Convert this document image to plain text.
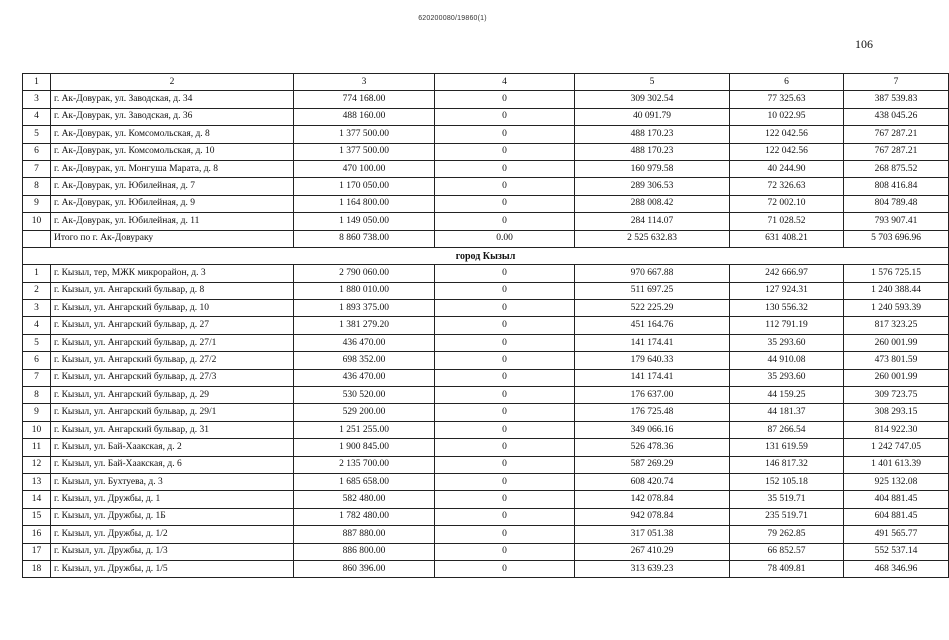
620200080/19860(1)
106
1	2	3	4	5	6	7
3	г. Ак-Довурак, ул. Заводская, д. 34	774 168.00	0	309 302.54	77 325.63	387 539.83
4	г. Ак-Довурак, ул. Заводская, д. 36	488 160.00	0	40 091.79	10 022.95	438 045.26
5	г. Ак-Довурак, ул. Комсомольская, д. 8	1 377 500.00	0	488 170.23	122 042.56	767 287.21
6	г. Ак-Довурак, ул. Комсомольская, д. 10	1 377 500.00	0	488 170.23	122 042.56	767 287.21
7	г. Ак-Довурак, ул. Монгуша Марата, д. 8	470 100.00	0	160 979.58	40 244.90	268 875.52
8	г. Ак-Довурак, ул. Юбилейная, д. 7	1 170 050.00	0	289 306.53	72 326.63	808 416.84
9	г. Ак-Довурак, ул. Юбилейная, д. 9	1 164 800.00	0	288 008.42	72 002.10	804 789.48
10	г. Ак-Довурак, ул. Юбилейная, д. 11	1 149 050.00	0	284 114.07	71 028.52	793 907.41
	Итого по г. Ак-Довураку	8 860 738.00	0.00	2 525 632.83	631 408.21	5 703 696.96
город Кызыл						
1	г. Кызыл, тер, МЖК микрорайон, д. 3	2 790 060.00	0	970 667.88	242 666.97	1 576 725.15
2	г. Кызыл, ул. Ангарский бульвар, д. 8	1 880 010.00	0	511 697.25	127 924.31	1 240 388.44
3	г. Кызыл, ул. Ангарский бульвар, д. 10	1 893 375.00	0	522 225.29	130 556.32	1 240 593.39
4	г. Кызыл, ул. Ангарский бульвар, д. 27	1 381 279.20	0	451 164.76	112 791.19	817 323.25
5	г. Кызыл, ул. Ангарский бульвар, д. 27/1	436 470.00	0	141 174.41	35 293.60	260 001.99
6	г. Кызыл, ул. Ангарский бульвар, д. 27/2	698 352.00	0	179 640.33	44 910.08	473 801.59
7	г. Кызыл, ул. Ангарский бульвар, д. 27/3	436 470.00	0	141 174.41	35 293.60	260 001.99
8	г. Кызыл, ул. Ангарский бульвар, д. 29	530 520.00	0	176 637.00	44 159.25	309 723.75
9	г. Кызыл, ул. Ангарский бульвар, д. 29/1	529 200.00	0	176 725.48	44 181.37	308 293.15
10	г. Кызыл, ул. Ангарский бульвар, д. 31	1 251 255.00	0	349 066.16	87 266.54	814 922.30
11	г. Кызыл, ул. Бай-Хаакская, д. 2	1 900 845.00	0	526 478.36	131 619.59	1 242 747.05
12	г. Кызыл, ул. Бай-Хаакская, д. 6	2 135 700.00	0	587 269.29	146 817.32	1 401 613.39
13	г. Кызыл, ул. Бухтуева, д. 3	1 685 658.00	0	608 420.74	152 105.18	925 132.08
14	г. Кызыл, ул. Дружбы, д. 1	582 480.00	0	142 078.84	35 519.71	404 881.45
15	г. Кызыл, ул. Дружбы, д. 1Б	1 782 480.00	0	942 078.84	235 519.71	604 881.45
16	г. Кызыл, ул. Дружбы, д. 1/2	887 880.00	0	317 051.38	79 262.85	491 565.77
17	г. Кызыл, ул. Дружбы, д. 1/3	886 800.00	0	267 410.29	66 852.57	552 537.14
18	г. Кызыл, ул. Дружбы, д. 1/5	860 396.00	0	313 639.23	78 409.81	468 346.96
